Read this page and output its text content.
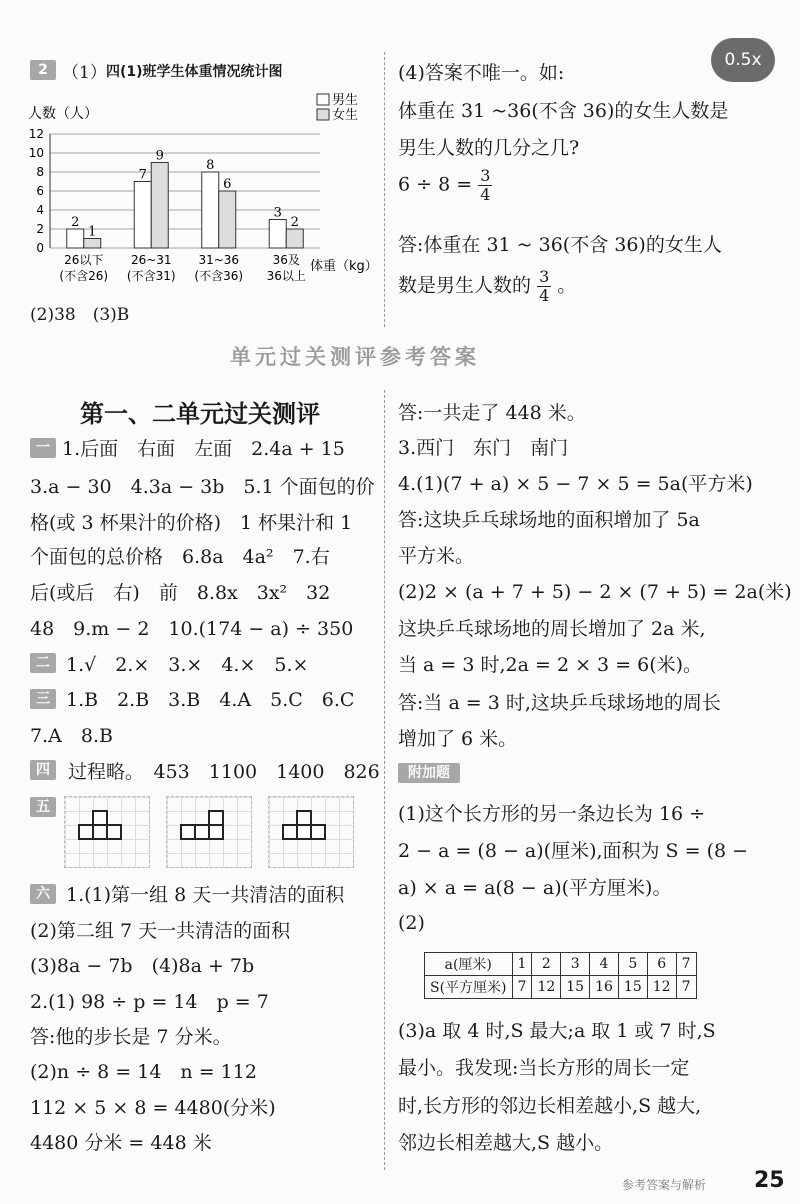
0.5x
2 （1） 四(1)班学生体重情况统计图
人数（人）
男生
女生
体重（kg）
0
2
4
6
8
10
12
2
1
26以下
(不含26)
7
9
26~31
(不含31)
8
6
31~36
(不含36)
3
2
36及
36以上
(2)38　(3)B
(4)答案不唯一。如:
体重在 31 ~36(不含 36)的女生人数是
男生人数的几分之几?
$6 \div 8 = \frac{3}{4}$
答:体重在 31 ~ 36(不含 36)的女生人
数是男生人数的 $\frac{3}{4}$ 。
单元过关测评参考答案
第一、二单元过关测评
一 1.后面　右面　左面　2.4a + 15
3.a − 30　4.3a − 3b　5.1 个面包的价
格(或 3 杯果汁的价格)　1 杯果汁和 1
个面包的总价格　6.8a　4a²　7.右
后(或后　右)　前　8.8x　3x²　32
48　9.m − 2　10.(174 − a) ÷ 350
二 1.√　2.×　3.×　4.×　5.×
三 1.B　2.B　3.B　4.A　5.C　6.C
7.A　8.B
四 过程略。　453　1100　1400　826
五
六 1.(1)第一组 8 天一共清洁的面积
(2)第二组 7 天一共清洁的面积
(3)8a − 7b　(4)8a + 7b
2.(1) 98 ÷ p = 14　p = 7
答:他的步长是 7 分米。
(2)n ÷ 8 = 14　n = 112
112 × 5 × 8 = 4480(分米)
4480 分米 = 448 米
答:一共走了 448 米。
3.西门　东门　南门
4.(1)(7 + a) × 5 − 7 × 5 = 5a(平方米)
答:这块乒乓球场地的面积增加了 5a
平方米。
(2)2 × (a + 7 + 5) − 2 × (7 + 5) = 2a(米)
这块乒乓球场地的周长增加了 2a 米,
当 a = 3 时,2a = 2 × 3 = 6(米)。
答:当 a = 3 时,这块乒乓球场地的周长
增加了 6 米。
附加题
(1)这个长方形的另一条边长为 16 ÷
2 − a = (8 − a)(厘米),面积为 S = (8 −
a) × a = a(8 − a)(平方厘米)。
(2)
a(厘米)	1	2	3	4	5	6	7
S(平方厘米)	7	12	15	16	15	12	7
(3)a 取 4 时,S 最大;a 取 1 或 7 时,S
最小。我发现:当长方形的周长一定
时,长方形的邻边长相差越小,S 越大,
邻边长相差越大,S 越小。
参考答案与解析 25
